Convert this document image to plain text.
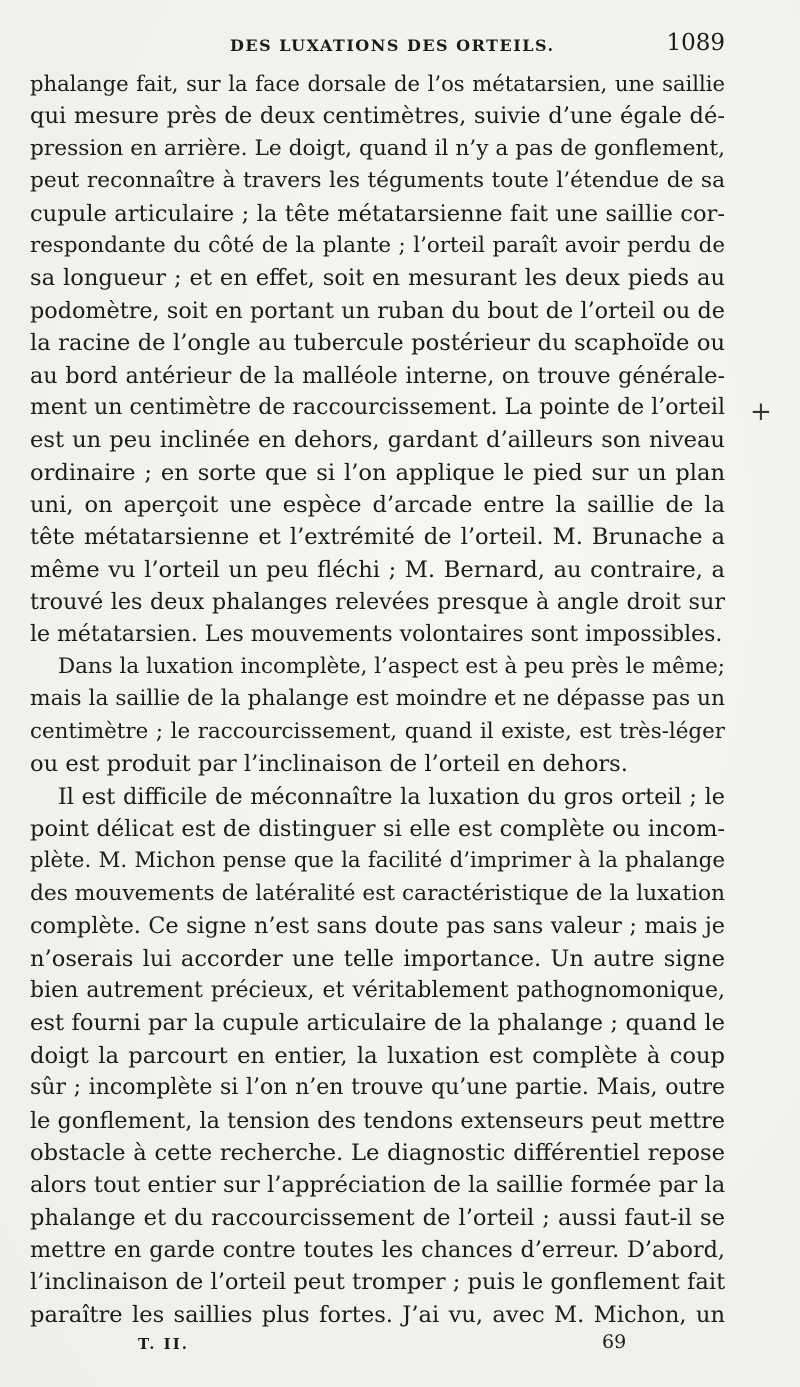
DES LUXATIONS DES ORTEILS.	1089
phalange fait, sur la face dorsale de l’os métatarsien, une saillie
qui mesure près de deux centimètres, suivie d’une égale dé-
pression en arrière. Le doigt, quand il n’y a pas de gonflement,
peut reconnaître à travers les téguments toute l’étendue de sa
cupule articulaire ; la tête métatarsienne fait une saillie cor-
respondante du côté de la plante ; l’orteil paraît avoir perdu de
sa longueur ; et en effet, soit en mesurant les deux pieds au
podomètre, soit en portant un ruban du bout de l’orteil ou de
la racine de l’ongle au tubercule postérieur du scaphoïde ou
au bord antérieur de la malléole interne, on trouve générale-
ment un centimètre de raccourcissement. La pointe de l’orteil
est un peu inclinée en dehors, gardant d’ailleurs son niveau
ordinaire ; en sorte que si l’on applique le pied sur un plan
uni, on aperçoit une espèce d’arcade entre la saillie de la
tête métatarsienne et l’extrémité de l’orteil. M. Brunache a
même vu l’orteil un peu fléchi ; M. Bernard, au contraire, a
trouvé les deux phalanges relevées presque à angle droit sur
le métatarsien. Les mouvements volontaires sont impossibles.
Dans la luxation incomplète, l’aspect est à peu près le même;
mais la saillie de la phalange est moindre et ne dépasse pas un
centimètre ; le raccourcissement, quand il existe, est très-léger
ou est produit par l’inclinaison de l’orteil en dehors.
Il est difficile de méconnaître la luxation du gros orteil ; le
point délicat est de distinguer si elle est complète ou incom-
plète. M. Michon pense que la facilité d’imprimer à la phalange
des mouvements de latéralité est caractéristique de la luxation
complète. Ce signe n’est sans doute pas sans valeur ; mais je
n’oserais lui accorder une telle importance. Un autre signe
bien autrement précieux, et véritablement pathognomonique,
est fourni par la cupule articulaire de la phalange ; quand le
doigt la parcourt en entier, la luxation est complète à coup
sûr ; incomplète si l’on n’en trouve qu’une partie. Mais, outre
le gonflement, la tension des tendons extenseurs peut mettre
obstacle à cette recherche. Le diagnostic différentiel repose
alors tout entier sur l’appréciation de la saillie formée par la
phalange et du raccourcissement de l’orteil ; aussi faut-il se
mettre en garde contre toutes les chances d’erreur. D’abord,
l’inclinaison de l’orteil peut tromper ; puis le gonflement fait
paraître les saillies plus fortes. J’ai vu, avec M. Michon, un
+
T. II.	69
